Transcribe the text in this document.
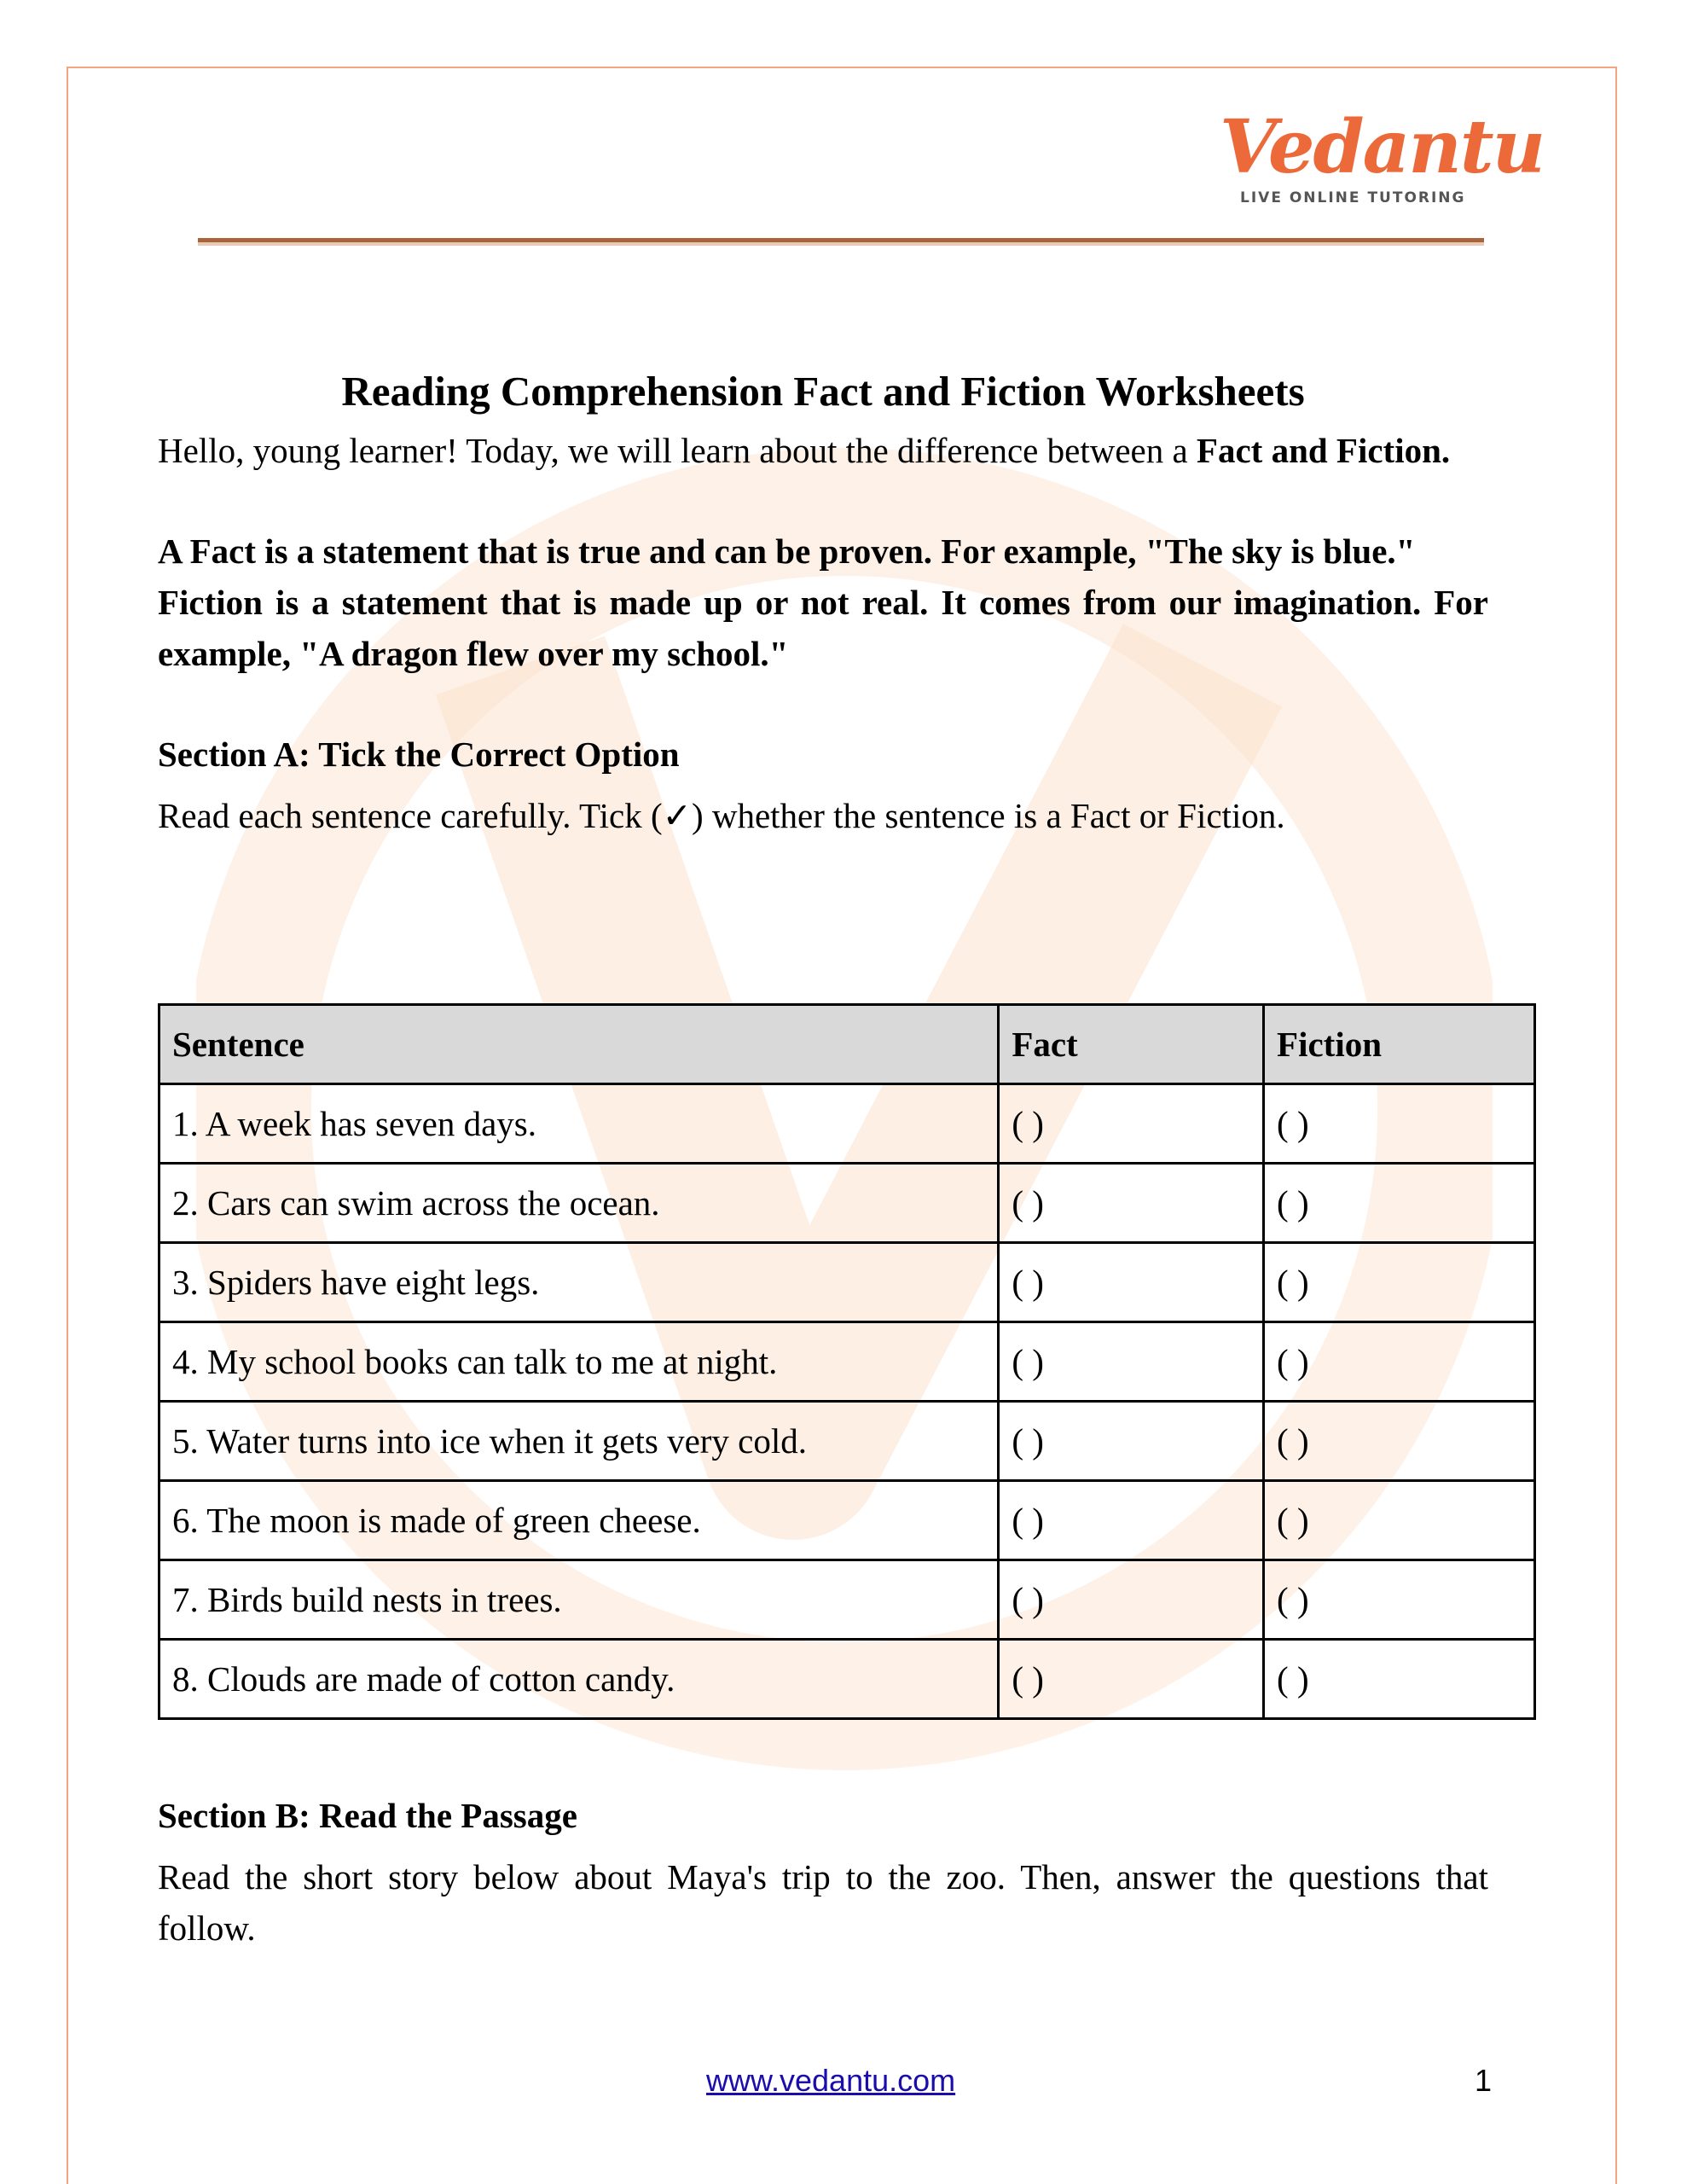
Vedantu
LIVE ONLINE TUTORING
Reading Comprehension Fact and Fiction Worksheets

Hello, young learner! Today, we will learn about the difference between a Fact and Fiction.

A Fact is a statement that is true and can be proven. For example, "The sky is blue."

Fiction is a statement that is made up or not real. It comes from our imagination. For example, "A dragon flew over my school."

Section A: Tick the Correct Option

Read each sentence carefully. Tick (✓) whether the sentence is a Fact or Fiction.

Sentence	Fact	Fiction
1. A week has seven days.	( )	( )
2. Cars can swim across the ocean.	( )	( )
3. Spiders have eight legs.	( )	( )
4. My school books can talk to me at night.	( )	( )
5. Water turns into ice when it gets very cold.	( )	( )
6. The moon is made of green cheese.	( )	( )
7. Birds build nests in trees.	( )	( )
8. Clouds are made of cotton candy.	( )	( )
Section B: Read the Passage

Read the short story below about Maya's trip to the zoo. Then, answer the questions that follow.

www.vedantu.com	1
